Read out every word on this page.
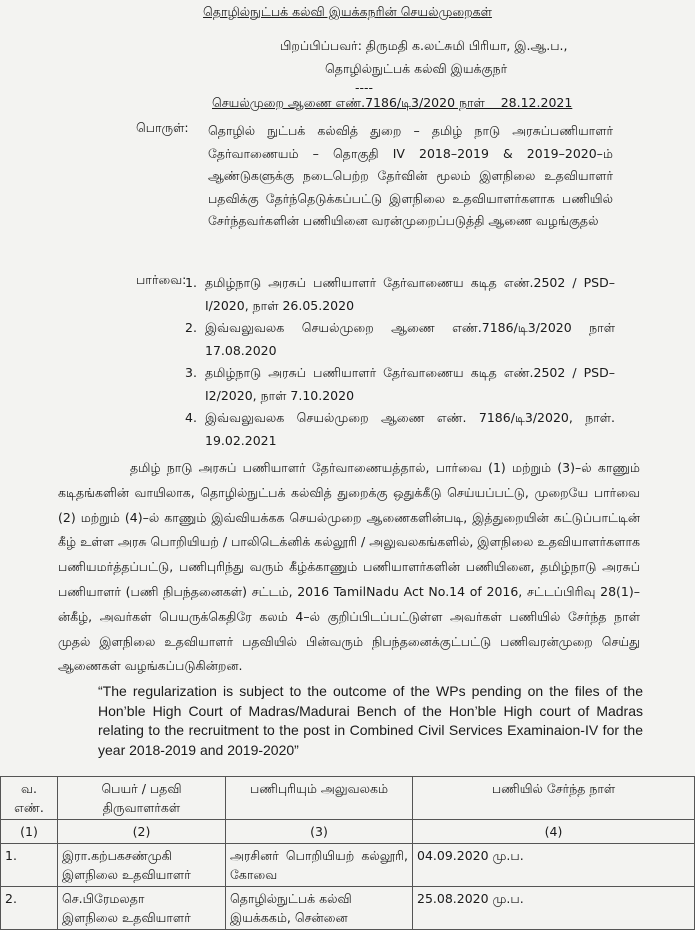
தொழில்நுட்பக் கல்வி இயக்கநரின் செயல்முறைகள்
பிறப்பிப்பவர்: திருமதி க.லட்சுமி பிரியா, இ.ஆ.ப.,
தொழில்நுட்பக் கல்வி இயக்குநர்
----
செயல்முறை ஆணை எண்.7186/டி3/2020 நாள்    28.12.2021
பொருள்: தொழில் நுட்பக் கல்வித் துறை – தமிழ் நாடு அரசுப்பணியாளர் தேர்வாணையம் – தொகுதி IV 2018–2019 & 2019–2020–ம் ஆண்டுகளுக்கு நடைபெற்ற தேர்வின் மூலம் இளநிலை உதவியாளர் பதவிக்கு தேர்ந்தெடுக்கப்பட்டு இளநிலை உதவியாளர்களாக பணியில் சேர்ந்தவர்களின் பணியினை வரன்முறைப்படுத்தி ஆணை வழங்குதல்
பார்வை:
1. தமிழ்நாடு அரசுப் பணியாளர் தேர்வாணைய கடித எண்.2502 / PSD–I/2020, நாள் 26.05.2020
2. இவ்வலுவலக செயல்முறை ஆணை எண்.7186/டி3/2020 நாள் 17.08.2020
3. தமிழ்நாடு அரசுப் பணியாளர் தேர்வாணைய கடித எண்.2502 / PSD–I2/2020, நாள் 7.10.2020
4. இவ்வலுவலக செயல்முறை ஆணை எண். 7186/டி3/2020, நாள். 19.02.2021
தமிழ் நாடு அரசுப் பணியாளர் தேர்வாணையத்தால், பார்வை (1) மற்றும் (3)–ல் காணும் கடிதங்களின் வாயிலாக, தொழில்நுட்பக் கல்வித் துறைக்கு ஒதுக்கீடு செய்யப்பட்டு, முறையே பார்வை (2) மற்றும் (4)–ல் காணும் இவ்வியக்கக செயல்முறை ஆணைகளின்படி, இத்துறையின் கட்டுப்பாட்டின் கீழ் உள்ள அரசு பொறியியற் / பாலிடெக்னிக் கல்லூரி / அலுவலகங்களில், இளநிலை உதவியாளர்களாக பணியமர்த்தப்பட்டு, பணிபுரிந்து வரும் கீழ்க்காணும் பணியாளர்களின் பணியினை, தமிழ்நாடு அரசுப் பணியாளர் (பணி நிபந்தனைகள்) சட்டம், 2016 TamilNadu Act No.14 of 2016, சட்டப்பிரிவு 28(1)–ன்கீழ், அவர்கள் பெயருக்கெதிரே கலம் 4–ல் குறிப்பிடப்பட்டுள்ள அவர்கள் பணியில் சேர்ந்த நாள் முதல் இளநிலை உதவியாளர் பதவியில் பின்வரும் நிபந்தனைக்குட்பட்டு பணிவரன்முறை செய்து ஆணைகள் வழங்கப்படுகின்றன.
“The regularization is subject to the outcome of the WPs pending on the files of the Hon’ble High Court of Madras/Madurai Bench of the Hon’ble High court of Madras relating to the recruitment to the post in Combined Civil Services Examinaion-IV for the year 2018-2019 and 2019-2020”
வ. எண்.	பெயர் / பதவி திருவாளர்கள்	பணிபுரியும் அலுவலகம்	பணியில் சேர்ந்த நாள்
(1)	(2)	(3)	(4)
1.	இரா.கற்பகசண்முகி
இளநிலை உதவியாளர்	அரசினர் பொறியியற் கல்லூரி, கோவை	04.09.2020 மு.ப.
2.	செ.பிரேமலதா
இளநிலை உதவியாளர்	தொழில்நுட்பக் கல்வி இயக்ககம், சென்னை	25.08.2020 மு.ப.
